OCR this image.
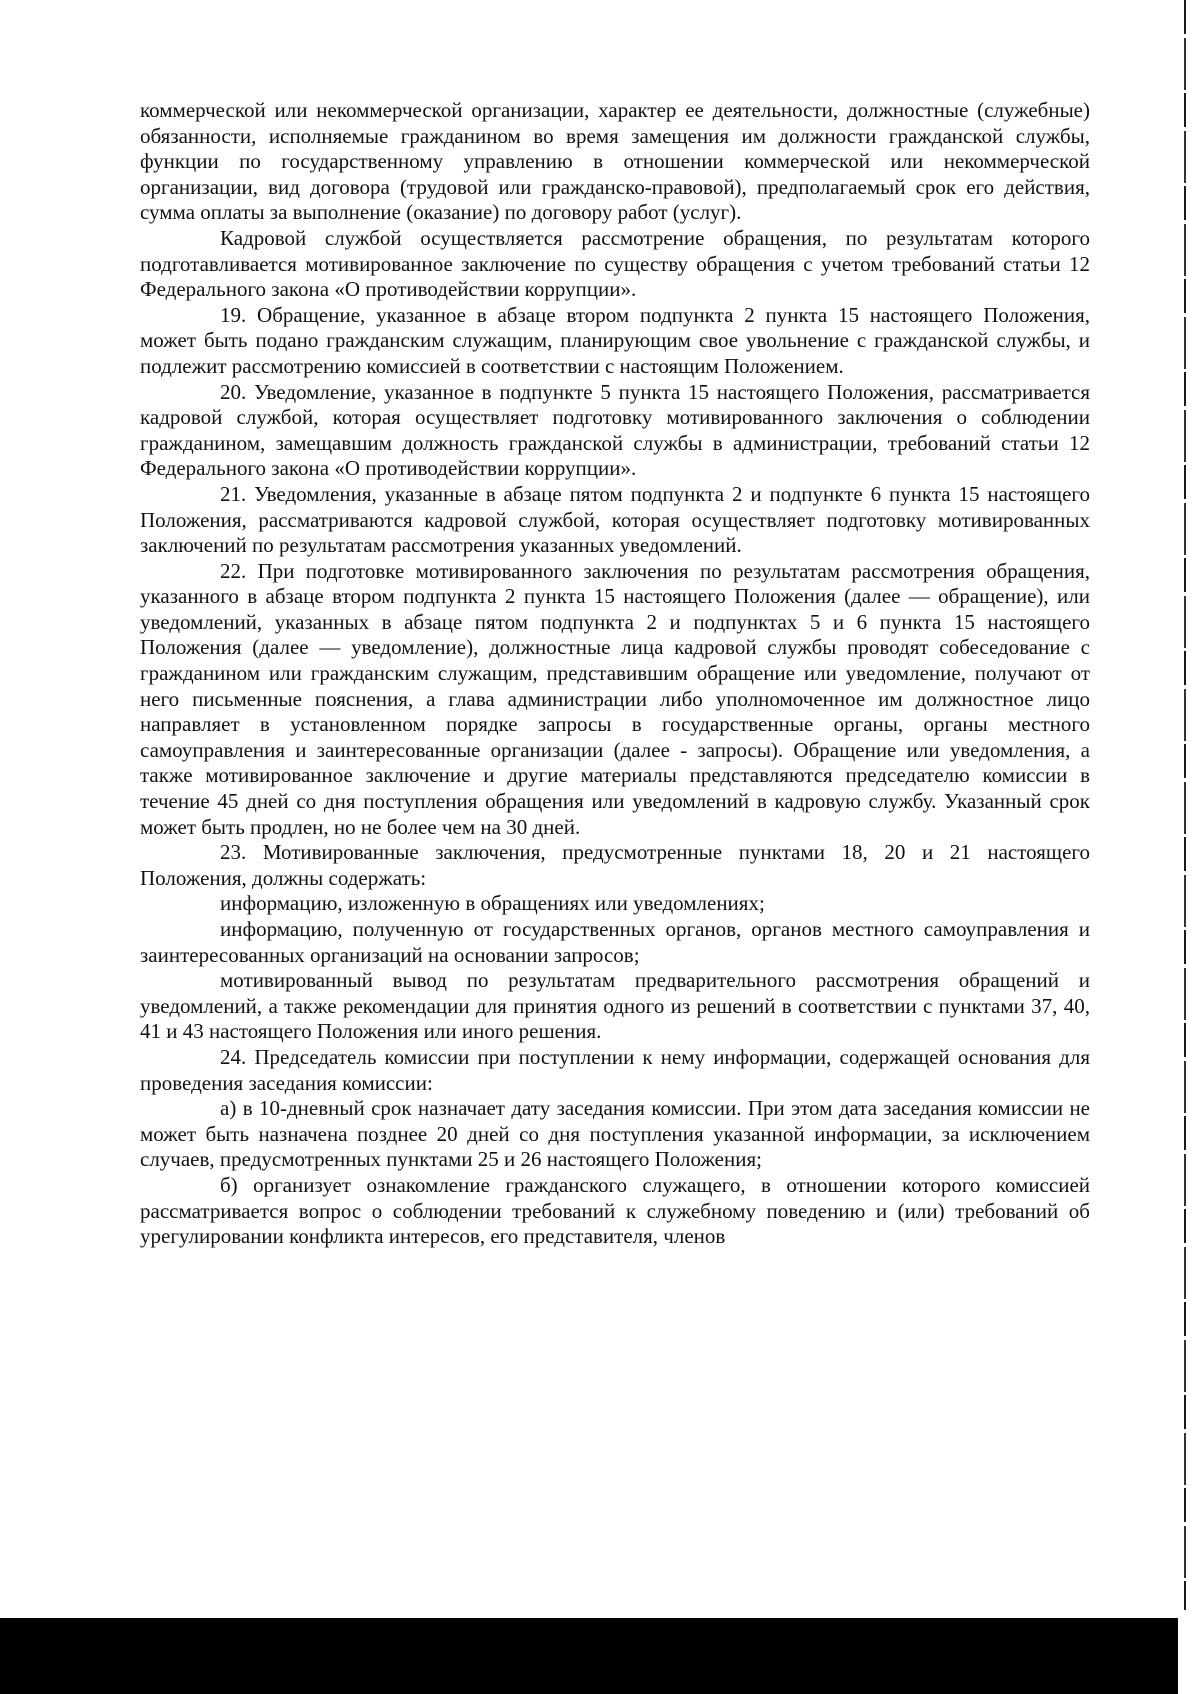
коммерческой или некоммерческой организации, характер ее деятельности, должностные (служебные) обязанности, исполняемые гражданином во время замещения им должности гражданской службы, функции по государственному управлению в отношении коммерческой или некоммерческой организации, вид договора (трудовой или гражданско-правовой), предполагаемый срок его действия, сумма оплаты за выполнение (оказание) по договору работ (услуг).

Кадровой службой осуществляется рассмотрение обращения, по результатам которого подготавливается мотивированное заключение по существу обращения с учетом требований статьи 12 Федерального закона «О противодействии коррупции».

19. Обращение, указанное в абзаце втором подпункта 2 пункта 15 настоящего Положения, может быть подано гражданским служащим, планирующим свое увольнение с гражданской службы, и подлежит рассмотрению комиссией в соответствии с настоящим Положением.

20. Уведомление, указанное в подпункте 5 пункта 15 настоящего Положения, рассматривается кадровой службой, которая осуществляет подготовку мотивированного заключения о соблюдении гражданином, замещавшим должность гражданской службы в администрации, требований статьи 12 Федерального закона «О противодействии коррупции».

21. Уведомления, указанные в абзаце пятом подпункта 2 и подпункте 6 пункта 15 настоящего Положения, рассматриваются кадровой службой, которая осуществляет подготовку мотивированных заключений по результатам рассмотрения указанных уведомлений.

22. При подготовке мотивированного заключения по результатам рассмотрения обращения, указанного в абзаце втором подпункта 2 пункта 15 настоящего Положения (далее — обращение), или уведомлений, указанных в абзаце пятом подпункта 2 и подпунктах 5 и 6 пункта 15 настоящего Положения (далее — уведомление), должностные лица кадровой службы проводят собеседование с гражданином или гражданским служащим, представившим обращение или уведомление, получают от него письменные пояснения, а глава администрации либо уполномоченное им должностное лицо направляет в установленном порядке запросы в государственные органы, органы местного самоуправления и заинтересованные организации (далее - запросы). Обращение или уведомления, а также мотивированное заключение и другие материалы представляются председателю комиссии в течение 45 дней со дня поступления обращения или уведомлений в кадровую службу. Указанный срок может быть продлен, но не более чем на 30 дней.

23. Мотивированные заключения, предусмотренные пунктами 18, 20 и 21 настоящего Положения, должны содержать:

информацию, изложенную в обращениях или уведомлениях;

информацию, полученную от государственных органов, органов местного самоуправления и заинтересованных организаций на основании запросов;

мотивированный вывод по результатам предварительного рассмотрения обращений и уведомлений, а также рекомендации для принятия одного из решений в соответствии с пунктами 37, 40, 41 и 43 настоящего Положения или иного решения.

24. Председатель комиссии при поступлении к нему информации, содержащей основания для проведения заседания комиссии:

а) в 10-дневный срок назначает дату заседания комиссии. При этом дата заседания комиссии не может быть назначена позднее 20 дней со дня поступления указанной информации, за исключением случаев, предусмотренных пунктами 25 и 26 настоящего Положения;

б) организует ознакомление гражданского служащего, в отношении которого комиссией рассматривается вопрос о соблюдении требований к служебному поведению и (или) требований об урегулировании конфликта интересов, его представителя, членов
